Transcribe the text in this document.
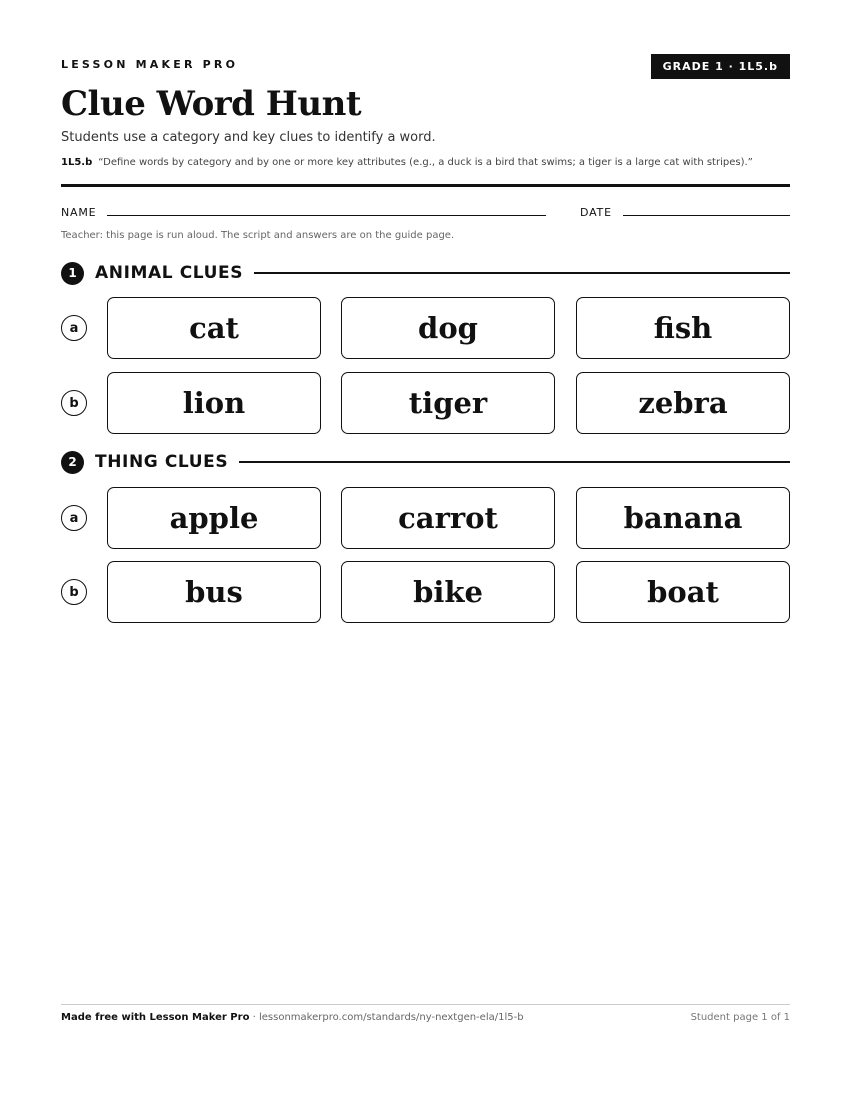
LESSON MAKER PRO	GRADE 1 · 1L5.b
Clue Word Hunt
Students use a category and key clues to identify a word.
1L5.b “Define words by category and by one or more key attributes (e.g., a duck is a bird that swims; a tiger is a large cat with stripes).”
NAME	DATE
Teacher: this page is run aloud. The script and answers are on the guide page.
1	ANIMAL CLUES
a	cat	dog	fish
b	lion	tiger	zebra
2	THING CLUES
a	apple	carrot	banana
b	bus	bike	boat
Made free with Lesson Maker Pro · lessonmakerpro.com/standards/ny-nextgen-ela/1l5-b	Student page 1 of 1
